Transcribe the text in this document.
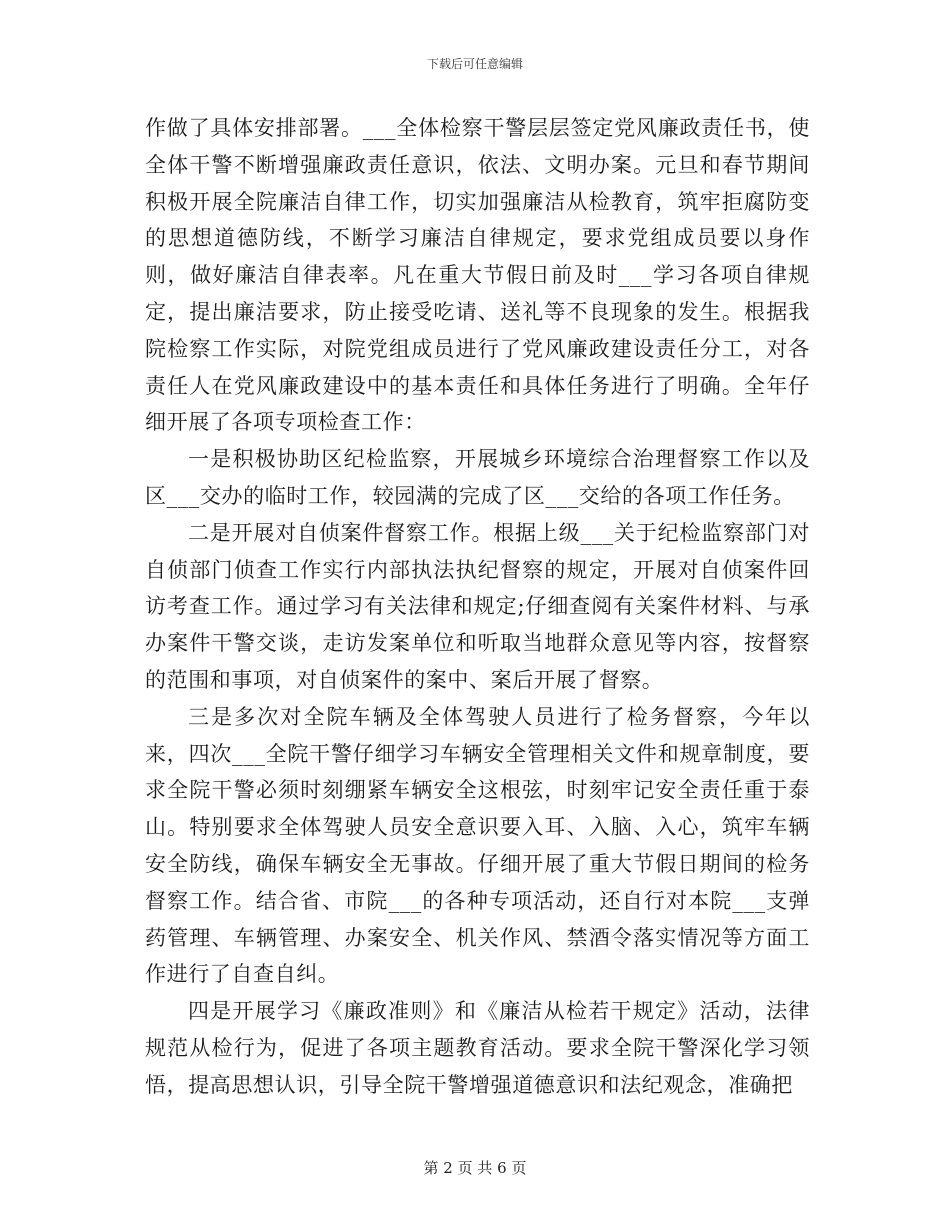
下载后可任意编辑

作做了具体安排部署。___全体检察干警层层签定党风廉政责任书，使全体干警不断增强廉政责任意识，依法、文明办案。元旦和春节期间积极开展全院廉洁自律工作，切实加强廉洁从检教育，筑牢拒腐防变的思想道德防线，不断学习廉洁自律规定，要求党组成员要以身作则，做好廉洁自律表率。凡在重大节假日前及时___学习各项自律规定，提出廉洁要求，防止接受吃请、送礼等不良现象的发生。根据我院检察工作实际，对院党组成员进行了党风廉政建设责任分工，对各责任人在党风廉政建设中的基本责任和具体任务进行了明确。全年仔细开展了各项专项检查工作：

一是积极协助区纪检监察，开展城乡环境综合治理督察工作以及区___交办的临时工作，较园满的完成了区___交给的各项工作任务。

二是开展对自侦案件督察工作。根据上级___关于纪检监察部门对自侦部门侦查工作实行内部执法执纪督察的规定，开展对自侦案件回访考查工作。通过学习有关法律和规定;仔细查阅有关案件材料、与承办案件干警交谈，走访发案单位和听取当地群众意见等内容，按督察的范围和事项，对自侦案件的案中、案后开展了督察。

三是多次对全院车辆及全体驾驶人员进行了检务督察，今年以来，四次___全院干警仔细学习车辆安全管理相关文件和规章制度，要求全院干警必须时刻绷紧车辆安全这根弦，时刻牢记安全责任重于泰山。特别要求全体驾驶人员安全意识要入耳、入脑、入心，筑牢车辆安全防线，确保车辆安全无事故。仔细开展了重大节假日期间的检务督察工作。结合省、市院___的各种专项活动，还自行对本院___支弹药管理、车辆管理、办案安全、机关作风、禁酒令落实情况等方面工作进行了自查自纠。

四是开展学习《廉政准则》和《廉洁从检若干规定》活动，法律规范从检行为，促进了各项主题教育活动。要求全院干警深化学习领悟，提高思想认识，引导全院干警增强道德意识和法纪观念，准确把

第 2 页 共 6 页
